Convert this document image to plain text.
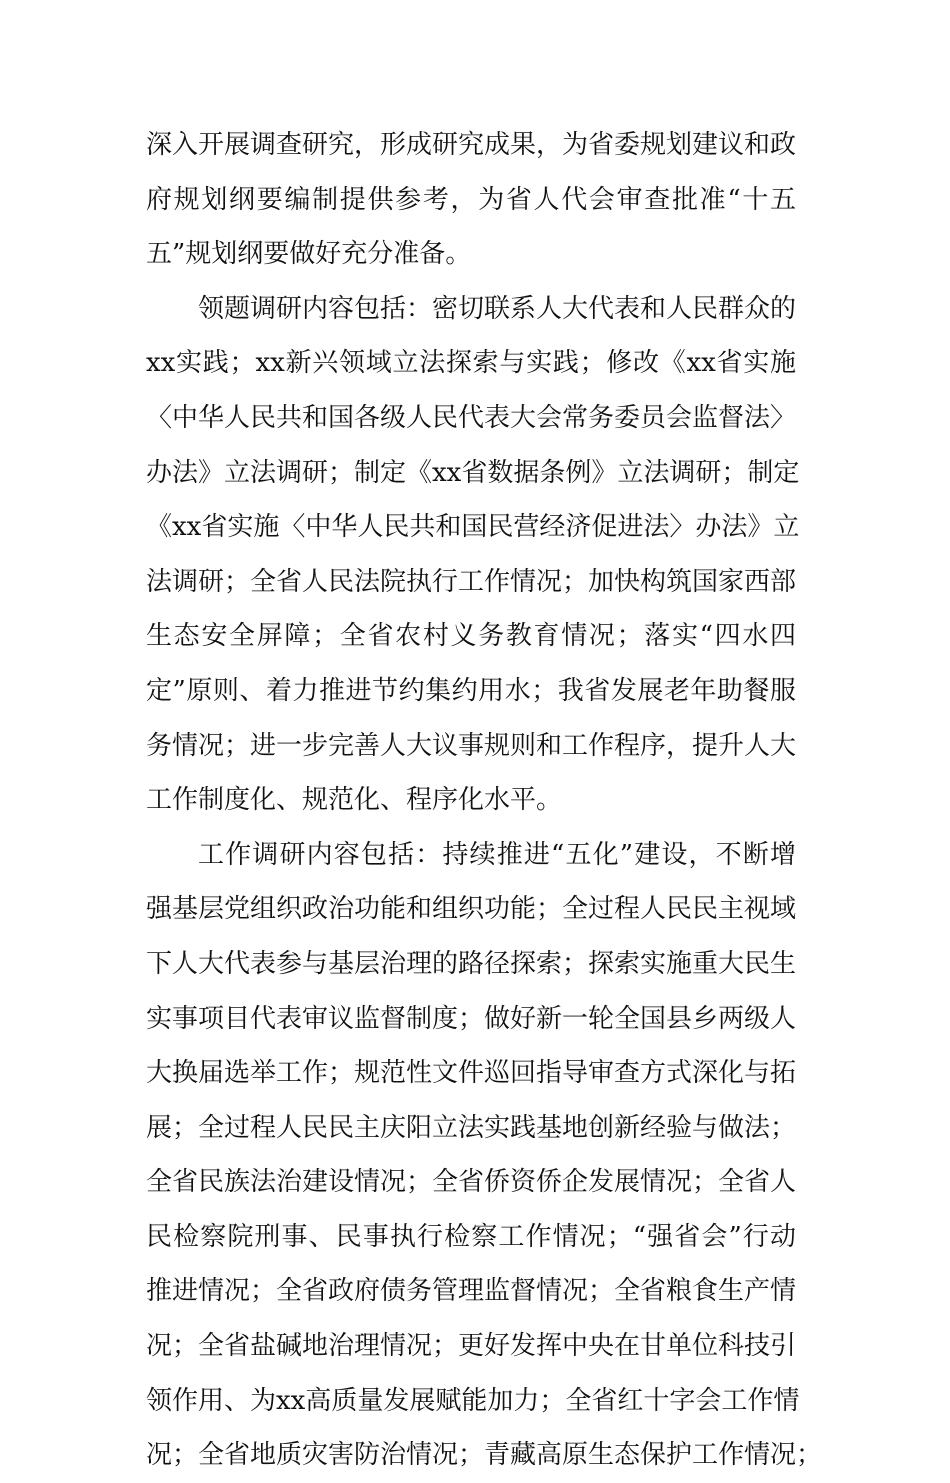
深入开展调查研究，形成研究成果，为省委规划建议和政
府规划纲要编制提供参考，为省人代会审查批准“十五
五”规划纲要做好充分准备。
领题调研内容包括：密切联系人大代表和人民群众的
xx实践；xx新兴领域立法探索与实践；修改《xx省实施
〈中华人民共和国各级人民代表大会常务委员会监督法〉
办法》立法调研；制定《xx省数据条例》立法调研；制定
《xx省实施〈中华人民共和国民营经济促进法〉办法》立
法调研；全省人民法院执行工作情况；加快构筑国家西部
生态安全屏障；全省农村义务教育情况；落实“四水四
定”原则、着力推进节约集约用水；我省发展老年助餐服
务情况；进一步完善人大议事规则和工作程序，提升人大
工作制度化、规范化、程序化水平。
工作调研内容包括：持续推进“五化”建设，不断增
强基层党组织政治功能和组织功能；全过程人民民主视域
下人大代表参与基层治理的路径探索；探索实施重大民生
实事项目代表审议监督制度；做好新一轮全国县乡两级人
大换届选举工作；规范性文件巡回指导审查方式深化与拓
展；全过程人民民主庆阳立法实践基地创新经验与做法；
全省民族法治建设情况；全省侨资侨企发展情况；全省人
民检察院刑事、民事执行检察工作情况；“强省会”行动
推进情况；全省政府债务管理监督情况；全省粮食生产情
况；全省盐碱地治理情况；更好发挥中央在甘单位科技引
领作用、为xx高质量发展赋能加力；全省红十字会工作情
况；全省地质灾害防治情况；青藏高原生态保护工作情况；
